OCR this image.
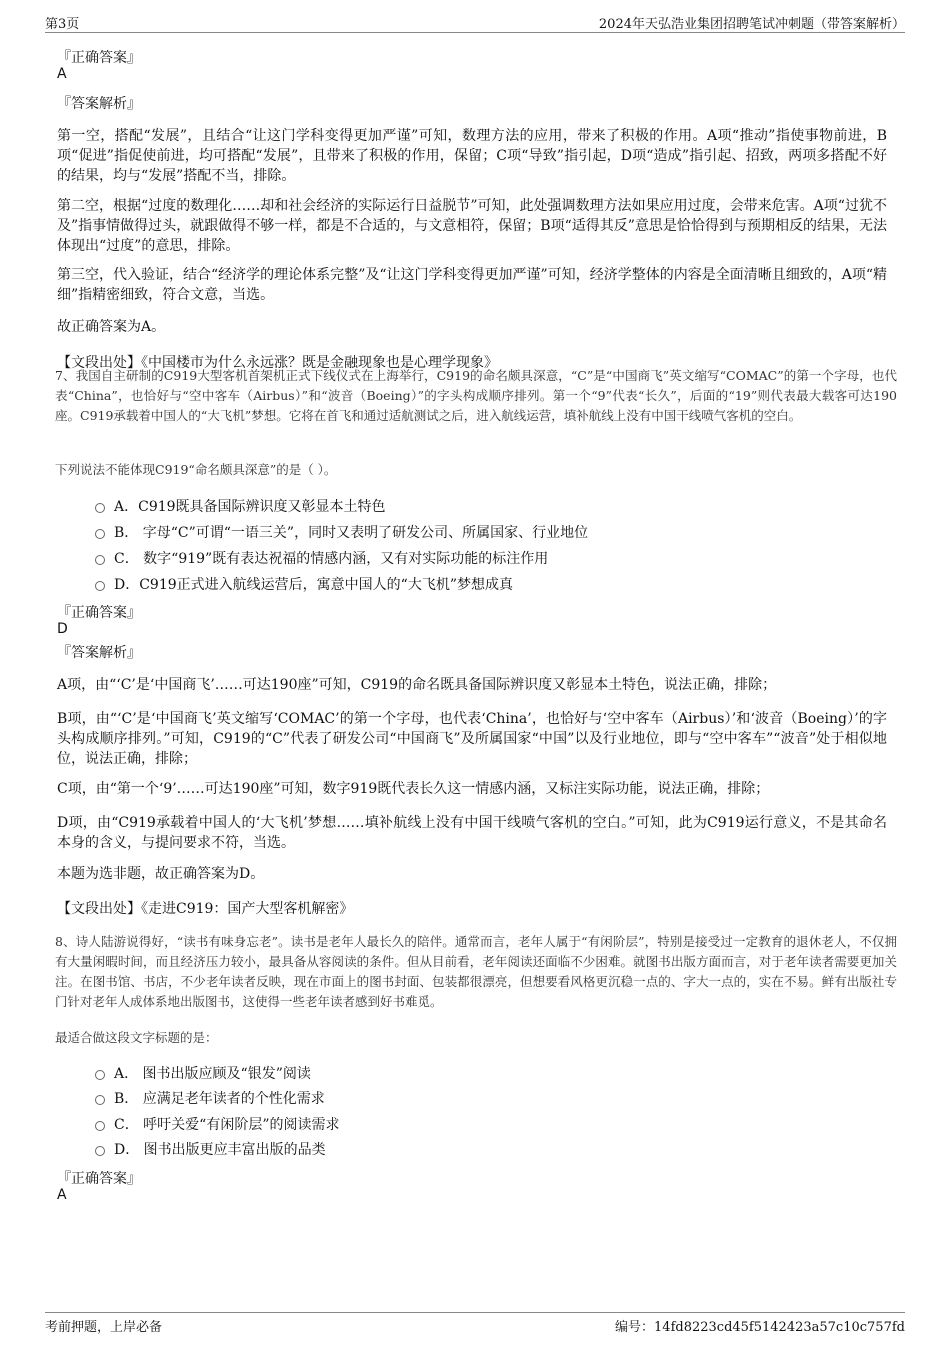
第3页	2024年天弘浩业集团招聘笔试冲刺题（带答案解析）
『正确答案』
A
『答案解析』
第一空，搭配“发展”，且结合“让这门学科变得更加严谨”可知，数理方法的应用，带来了积极的作用。A项“推动”指使事物前进，B项“促进”指促使前进，均可搭配“发展”，且带来了积极的作用，保留；C项“导致”指引起，D项“造成”指引起、招致，两项多搭配不好的结果，均与“发展”搭配不当，排除。
第二空，根据“过度的数理化……却和社会经济的实际运行日益脱节”可知，此处强调数理方法如果应用过度，会带来危害。A项“过犹不及”指事情做得过头，就跟做得不够一样，都是不合适的，与文意相符，保留；B项“适得其反”意思是恰恰得到与预期相反的结果，无法体现出“过度”的意思，排除。
第三空，代入验证，结合“经济学的理论体系完整”及“让这门学科变得更加严谨”可知，经济学整体的内容是全面清晰且细致的，A项“精细”指精密细致，符合文意，当选。
故正确答案为A。
【文段出处】《中国楼市为什么永远涨？既是金融现象也是心理学现象》
7、我国自主研制的C919大型客机首架机正式下线仪式在上海举行，C919的命名颇具深意，“C”是“中国商飞”英文缩写“COMAC”的第一个字母，也代表“China”，也恰好与“空中客车（Airbus）”和“波音（Boeing）”的字头构成顺序排列。第一个“9”代表“长久”，后面的“19”则代表最大载客可达190座。C919承载着中国人的“大飞机”梦想。它将在首飞和通过适航测试之后，进入航线运营，填补航线上没有中国干线喷气客机的空白。
下列说法不能体现C919“命名颇具深意”的是（ ）。
A．C919既具备国际辨识度又彰显本土特色
B． 字母“C”可谓“一语三关”，同时又表明了研发公司、所属国家、行业地位
C． 数字“919”既有表达祝福的情感内涵，又有对实际功能的标注作用
D．C919正式进入航线运营后，寓意中国人的“大飞机”梦想成真
『正确答案』
D
『答案解析』
A项，由“‘C’是‘中国商飞’……可达190座”可知，C919的命名既具备国际辨识度又彰显本土特色，说法正确，排除；
B项，由“‘C’是‘中国商飞’英文缩写‘COMAC’的第一个字母，也代表‘China’，也恰好与‘空中客车（Airbus）’和‘波音（Boeing）’的字头构成顺序排列。”可知，C919的“C”代表了研发公司“中国商飞”及所属国家“中国”以及行业地位，即与“空中客车”“波音”处于相似地位，说法正确，排除；
C项，由“第一个‘9’……可达190座”可知，数字919既代表长久这一情感内涵，又标注实际功能，说法正确，排除；
D项，由“C919承载着中国人的‘大飞机’梦想……填补航线上没有中国干线喷气客机的空白。”可知，此为C919运行意义，不是其命名本身的含义，与提问要求不符，当选。
本题为选非题，故正确答案为D。
【文段出处】《走进C919：国产大型客机解密》
8、诗人陆游说得好，“读书有味身忘老”。读书是老年人最长久的陪伴。通常而言，老年人属于“有闲阶层”，特别是接受过一定教育的退休老人，不仅拥有大量闲暇时间，而且经济压力较小，最具备从容阅读的条件。但从目前看，老年阅读还面临不少困难。就图书出版方面而言，对于老年读者需要更加关注。在图书馆、书店，不少老年读者反映，现在市面上的图书封面、包装都很漂亮，但想要看风格更沉稳一点的、字大一点的，实在不易。鲜有出版社专门针对老年人成体系地出版图书，这使得一些老年读者感到好书难觅。
最适合做这段文字标题的是：
A． 图书出版应顾及“银发”阅读
B． 应满足老年读者的个性化需求
C． 呼吁关爱“有闲阶层”的阅读需求
D． 图书出版更应丰富出版的品类
『正确答案』
A
考前押题，上岸必备	编号：14fd8223cd45f5142423a57c10c757fd
